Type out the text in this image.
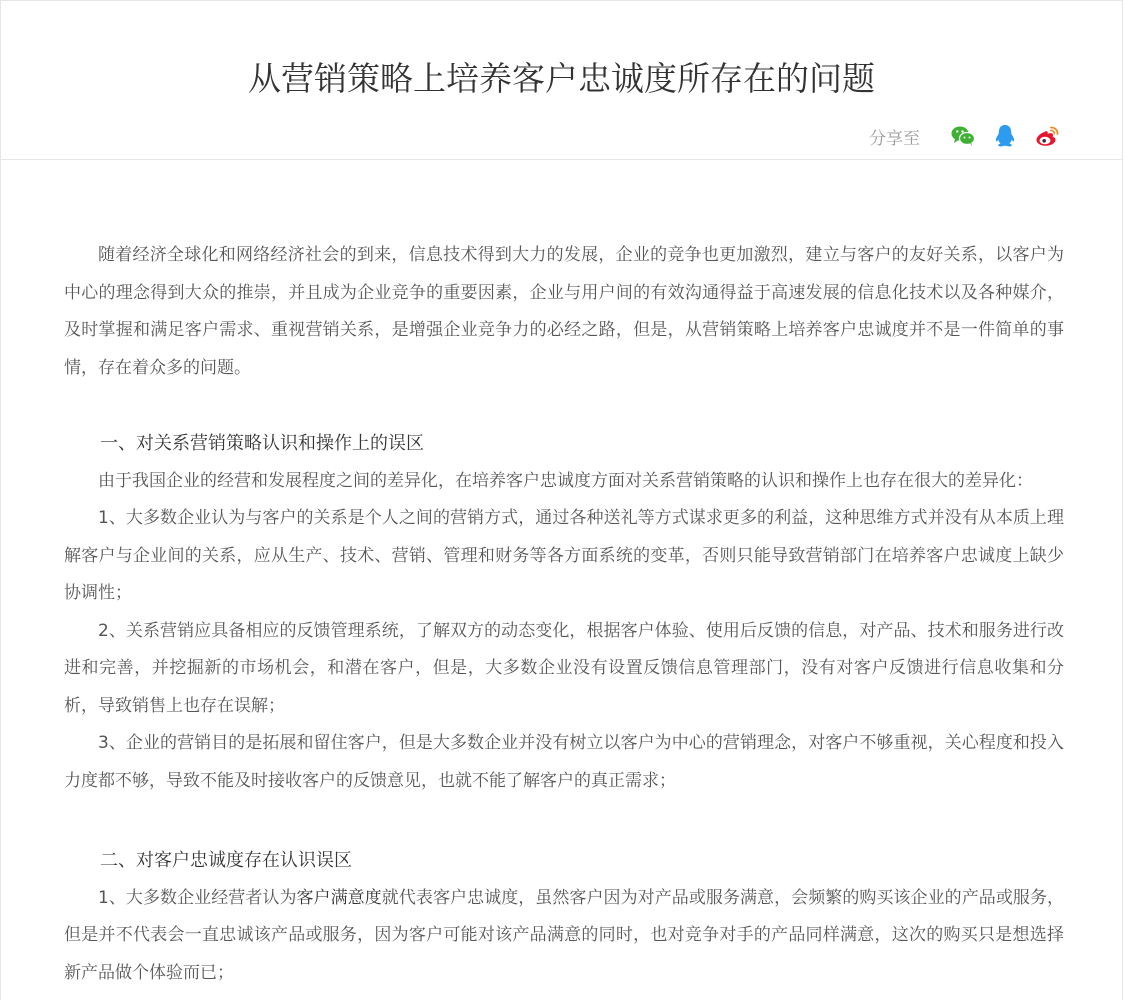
从营销策略上培养客户忠诚度所存在的问题
分享至

随着经济全球化和网络经济社会的到来，信息技术得到大力的发展，企业的竞争也更加激烈，建立与客户的友好关系，以客户为中心的理念得到大众的推崇，并且成为企业竞争的重要因素，企业与用户间的有效沟通得益于高速发展的信息化技术以及各种媒介，及时掌握和满足客户需求、重视营销关系，是增强企业竞争力的必经之路，但是，从营销策略上培养客户忠诚度并不是一件简单的事情，存在着众多的问题。

一、对关系营销策略认识和操作上的误区

由于我国企业的经营和发展程度之间的差异化，在培养客户忠诚度方面对关系营销策略的认识和操作上也存在很大的差异化：

1、大多数企业认为与客户的关系是个人之间的营销方式，通过各种送礼等方式谋求更多的利益，这种思维方式并没有从本质上理解客户与企业间的关系，应从生产、技术、营销、管理和财务等各方面系统的变革，否则只能导致营销部门在培养客户忠诚度上缺少协调性；

2、关系营销应具备相应的反馈管理系统，了解双方的动态变化，根据客户体验、使用后反馈的信息，对产品、技术和服务进行改进和完善，并挖掘新的市场机会，和潜在客户，但是，大多数企业没有设置反馈信息管理部门，没有对客户反馈进行信息收集和分析，导致销售上也存在误解；

3、企业的营销目的是拓展和留住客户，但是大多数企业并没有树立以客户为中心的营销理念，对客户不够重视，关心程度和投入力度都不够，导致不能及时接收客户的反馈意见，也就不能了解客户的真正需求；

二、对客户忠诚度存在认识误区

1、大多数企业经营者认为客户满意度就代表客户忠诚度，虽然客户因为对产品或服务满意，会频繁的购买该企业的产品或服务，但是并不代表会一直忠诚该产品或服务，因为客户可能对该产品满意的同时，也对竞争对手的产品同样满意，这次的购买只是想选择新产品做个体验而已；
